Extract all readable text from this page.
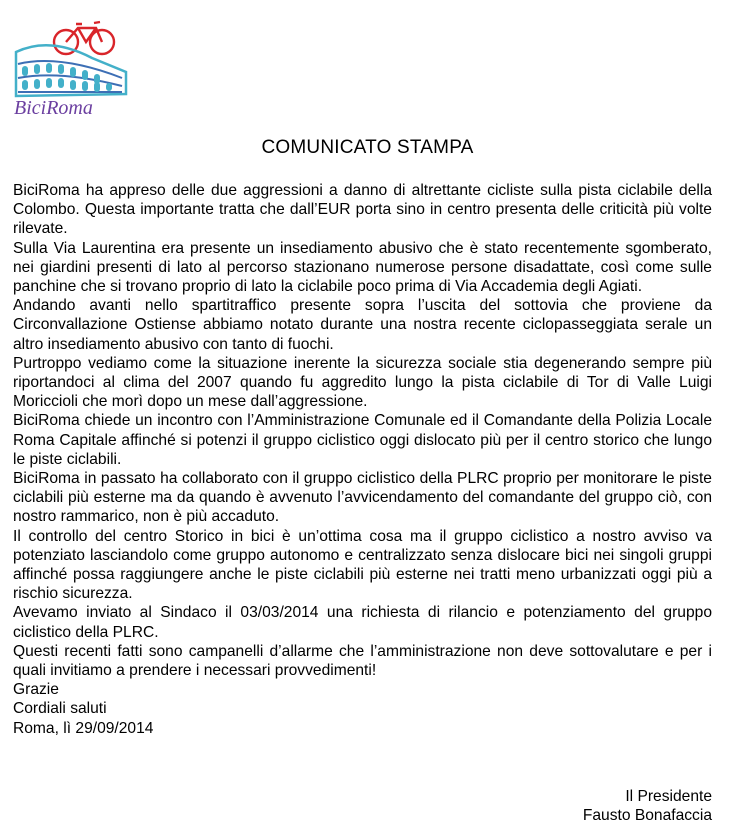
BiciRoma
COMUNICATO STAMPA

BiciRoma ha appreso delle due aggressioni a danno di altrettante cicliste sulla pista ciclabile della Colombo. Questa importante tratta che dall’EUR porta sino in centro presenta delle criticità più volte rilevate.

Sulla Via Laurentina era presente un insediamento abusivo che è stato recentemente sgomberato, nei giardini presenti di lato al percorso stazionano numerose persone disadattate, così come sulle panchine che si trovano proprio di lato la ciclabile poco prima di Via Accademia degli Agiati.

Andando avanti nello spartitraffico presente sopra l’uscita del sottovia che proviene da Circonvallazione Ostiense abbiamo notato durante una nostra recente ciclopasseggiata serale un altro insediamento abusivo con tanto di fuochi.

Purtroppo vediamo come la situazione inerente la sicurezza sociale stia degenerando sempre più riportandoci al clima del 2007 quando fu aggredito lungo la pista ciclabile di Tor di Valle Luigi Moriccioli che morì dopo un mese dall’aggressione.

BiciRoma chiede un incontro con l’Amministrazione Comunale ed il Comandante della Polizia Locale Roma Capitale affinché si potenzi il gruppo ciclistico oggi dislocato più per il centro storico che lungo le piste ciclabili.

BiciRoma in passato ha collaborato con il gruppo ciclistico della PLRC proprio per monitorare le piste ciclabili più esterne ma da quando è avvenuto l’avvicendamento del comandante del gruppo ciò, con nostro rammarico, non è più accaduto.

Il controllo del centro Storico in bici è un’ottima cosa ma il gruppo ciclistico a nostro avviso va potenziato lasciandolo come gruppo autonomo e centralizzato senza dislocare bici nei singoli gruppi affinché possa raggiungere anche le piste ciclabili più esterne nei tratti meno urbanizzati oggi più a rischio sicurezza.

Avevamo inviato al Sindaco il 03/03/2014 una richiesta di rilancio e potenziamento del gruppo ciclistico della PLRC.

Questi recenti fatti sono campanelli d’allarme che l’amministrazione non deve sottovalutare e per i quali invitiamo a prendere i necessari provvedimenti!

Grazie

Cordiali saluti

Roma, lì 29/09/2014

Il Presidente
Fausto Bonafaccia
